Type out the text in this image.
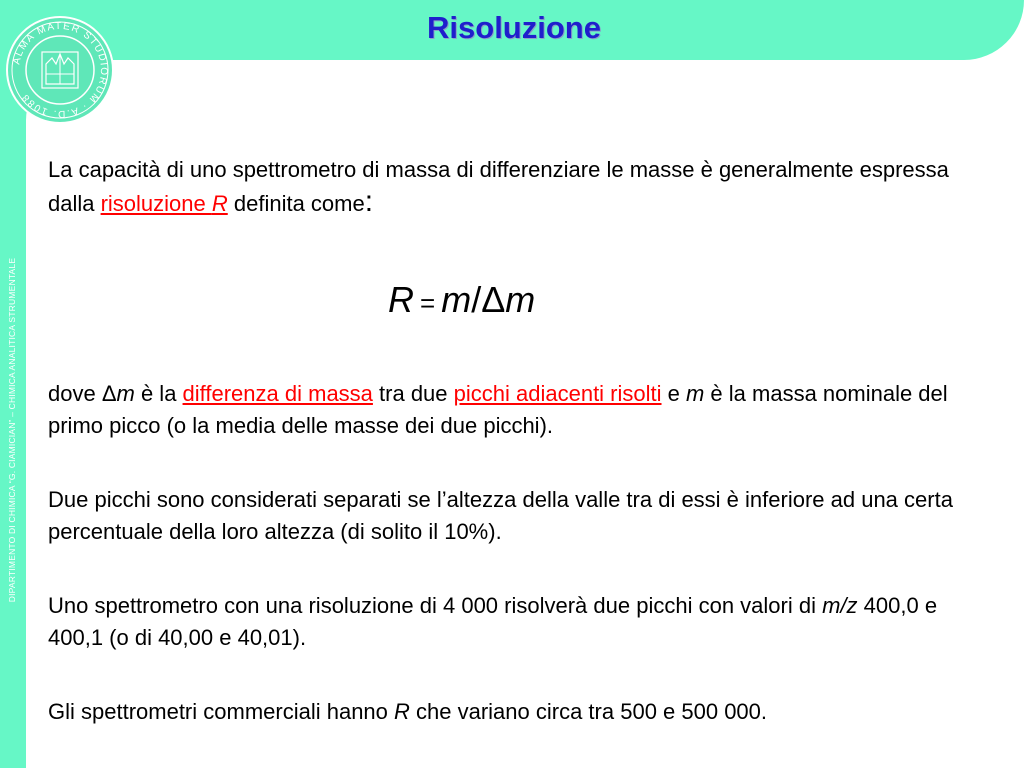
ALMA MATER STUDIORUM · A.D. 1088
Risoluzione
DIPARTIMENTO DI CHIMICA “G. CIAMICIAN” – CHIMICA ANALITICA STRUMENTALE

La capacità di uno spettrometro di massa di differenziare le masse è generalmente espressa dalla risoluzione R definita come:

R = m/Δm

dove Δm è la differenza di massa tra due picchi adiacenti risolti e m è la massa nominale del primo picco (o la media delle masse dei due picchi).

Due picchi sono considerati separati se l’altezza della valle tra di essi è inferiore ad una certa percentuale della loro altezza (di solito il 10%).

Uno spettrometro con una risoluzione di 4 000 risolverà due picchi con valori di m/z 400,0 e 400,1 (o di 40,00 e 40,01).

Gli spettrometri commerciali hanno R che variano circa tra 500 e 500 000.
